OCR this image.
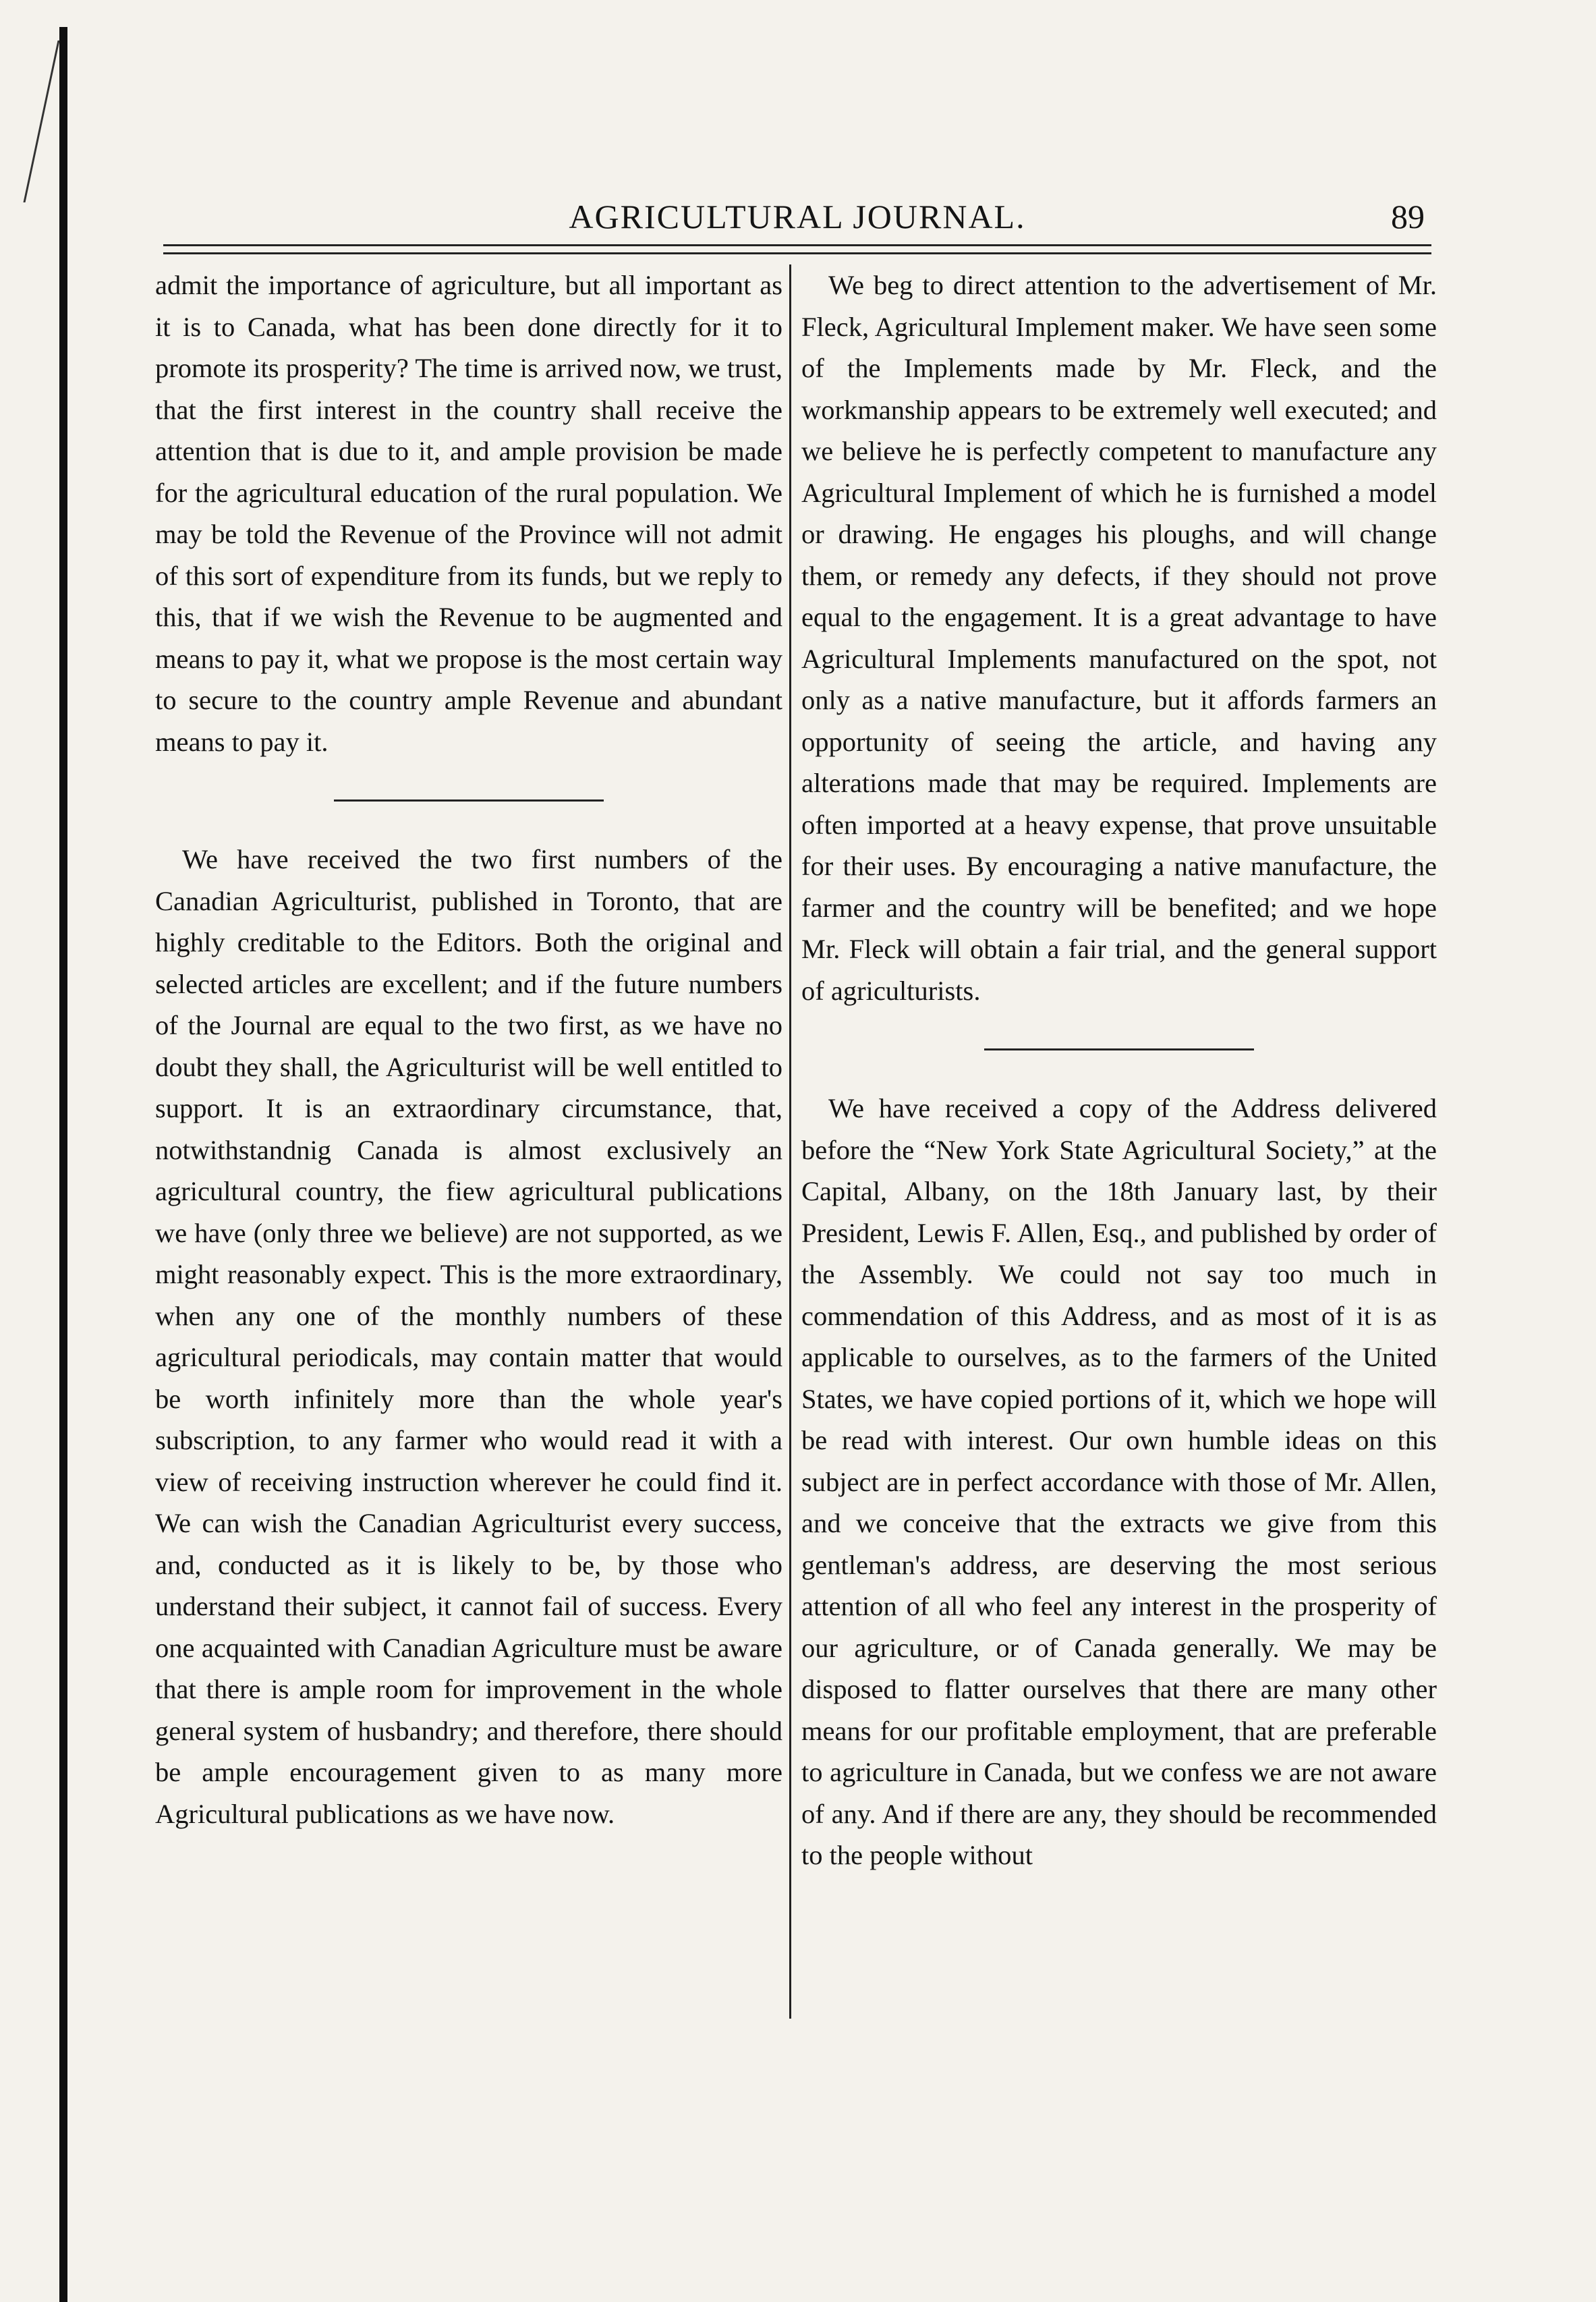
AGRICULTURAL JOURNAL.	89

admit the importance of agriculture, but all important as it is to Canada, what has been done directly for it to promote its prosperity? The time is arrived now, we trust, that the first interest in the country shall receive the attention that is due to it, and ample provision be made for the agricultural education of the rural population. We may be told the Revenue of the Province will not admit of this sort of expenditure from its funds, but we reply to this, that if we wish the Revenue to be augmented and means to pay it, what we propose is the most certain way to secure to the country ample Revenue and abundant means to pay it.

We have received the two first numbers of the Canadian Agriculturist, published in Toronto, that are highly creditable to the Editors. Both the original and selected articles are excellent; and if the future numbers of the Journal are equal to the two first, as we have no doubt they shall, the Agriculturist will be well entitled to support. It is an extraordinary circumstance, that, notwithstandnig Canada is almost exclusively an agricultural country, the fiew agricultural publications we have (only three we believe) are not supported, as we might reasonably expect. This is the more extraordinary, when any one of the monthly numbers of these agricultural periodicals, may contain matter that would be worth infinitely more than the whole year's subscription, to any farmer who would read it with a view of receiving instruction wherever he could find it. We can wish the Canadian Agriculturist every success, and, conducted as it is likely to be, by those who understand their subject, it cannot fail of success. Every one acquainted with Canadian Agriculture must be aware that there is ample room for improvement in the whole general system of husbandry; and therefore, there should be ample encouragement given to as many more Agricultural publications as we have now.

We beg to direct attention to the advertisement of Mr. Fleck, Agricultural Implement maker. We have seen some of the Implements made by Mr. Fleck, and the workmanship appears to be extremely well executed; and we believe he is perfectly competent to manufacture any Agricultural Implement of which he is furnished a model or drawing. He engages his ploughs, and will change them, or remedy any defects, if they should not prove equal to the engagement. It is a great advantage to have Agricultural Implements manufactured on the spot, not only as a native manufacture, but it affords farmers an opportunity of seeing the article, and having any alterations made that may be required. Implements are often imported at a heavy expense, that prove unsuitable for their uses. By encouraging a native manufacture, the farmer and the country will be benefited; and we hope Mr. Fleck will obtain a fair trial, and the general support of agriculturists.

We have received a copy of the Address delivered before the “New York State Agricultural Society,” at the Capital, Albany, on the 18th January last, by their President, Lewis F. Allen, Esq., and published by order of the Assembly. We could not say too much in commendation of this Address, and as most of it is as applicable to ourselves, as to the farmers of the United States, we have copied portions of it, which we hope will be read with interest. Our own humble ideas on this subject are in perfect accordance with those of Mr. Allen, and we conceive that the extracts we give from this gentleman's address, are deserving the most serious attention of all who feel any interest in the prosperity of our agriculture, or of Canada generally. We may be disposed to flatter ourselves that there are many other means for our profitable employment, that are preferable to agriculture in Canada, but we confess we are not aware of any. And if there are any, they should be recommended to the people without
